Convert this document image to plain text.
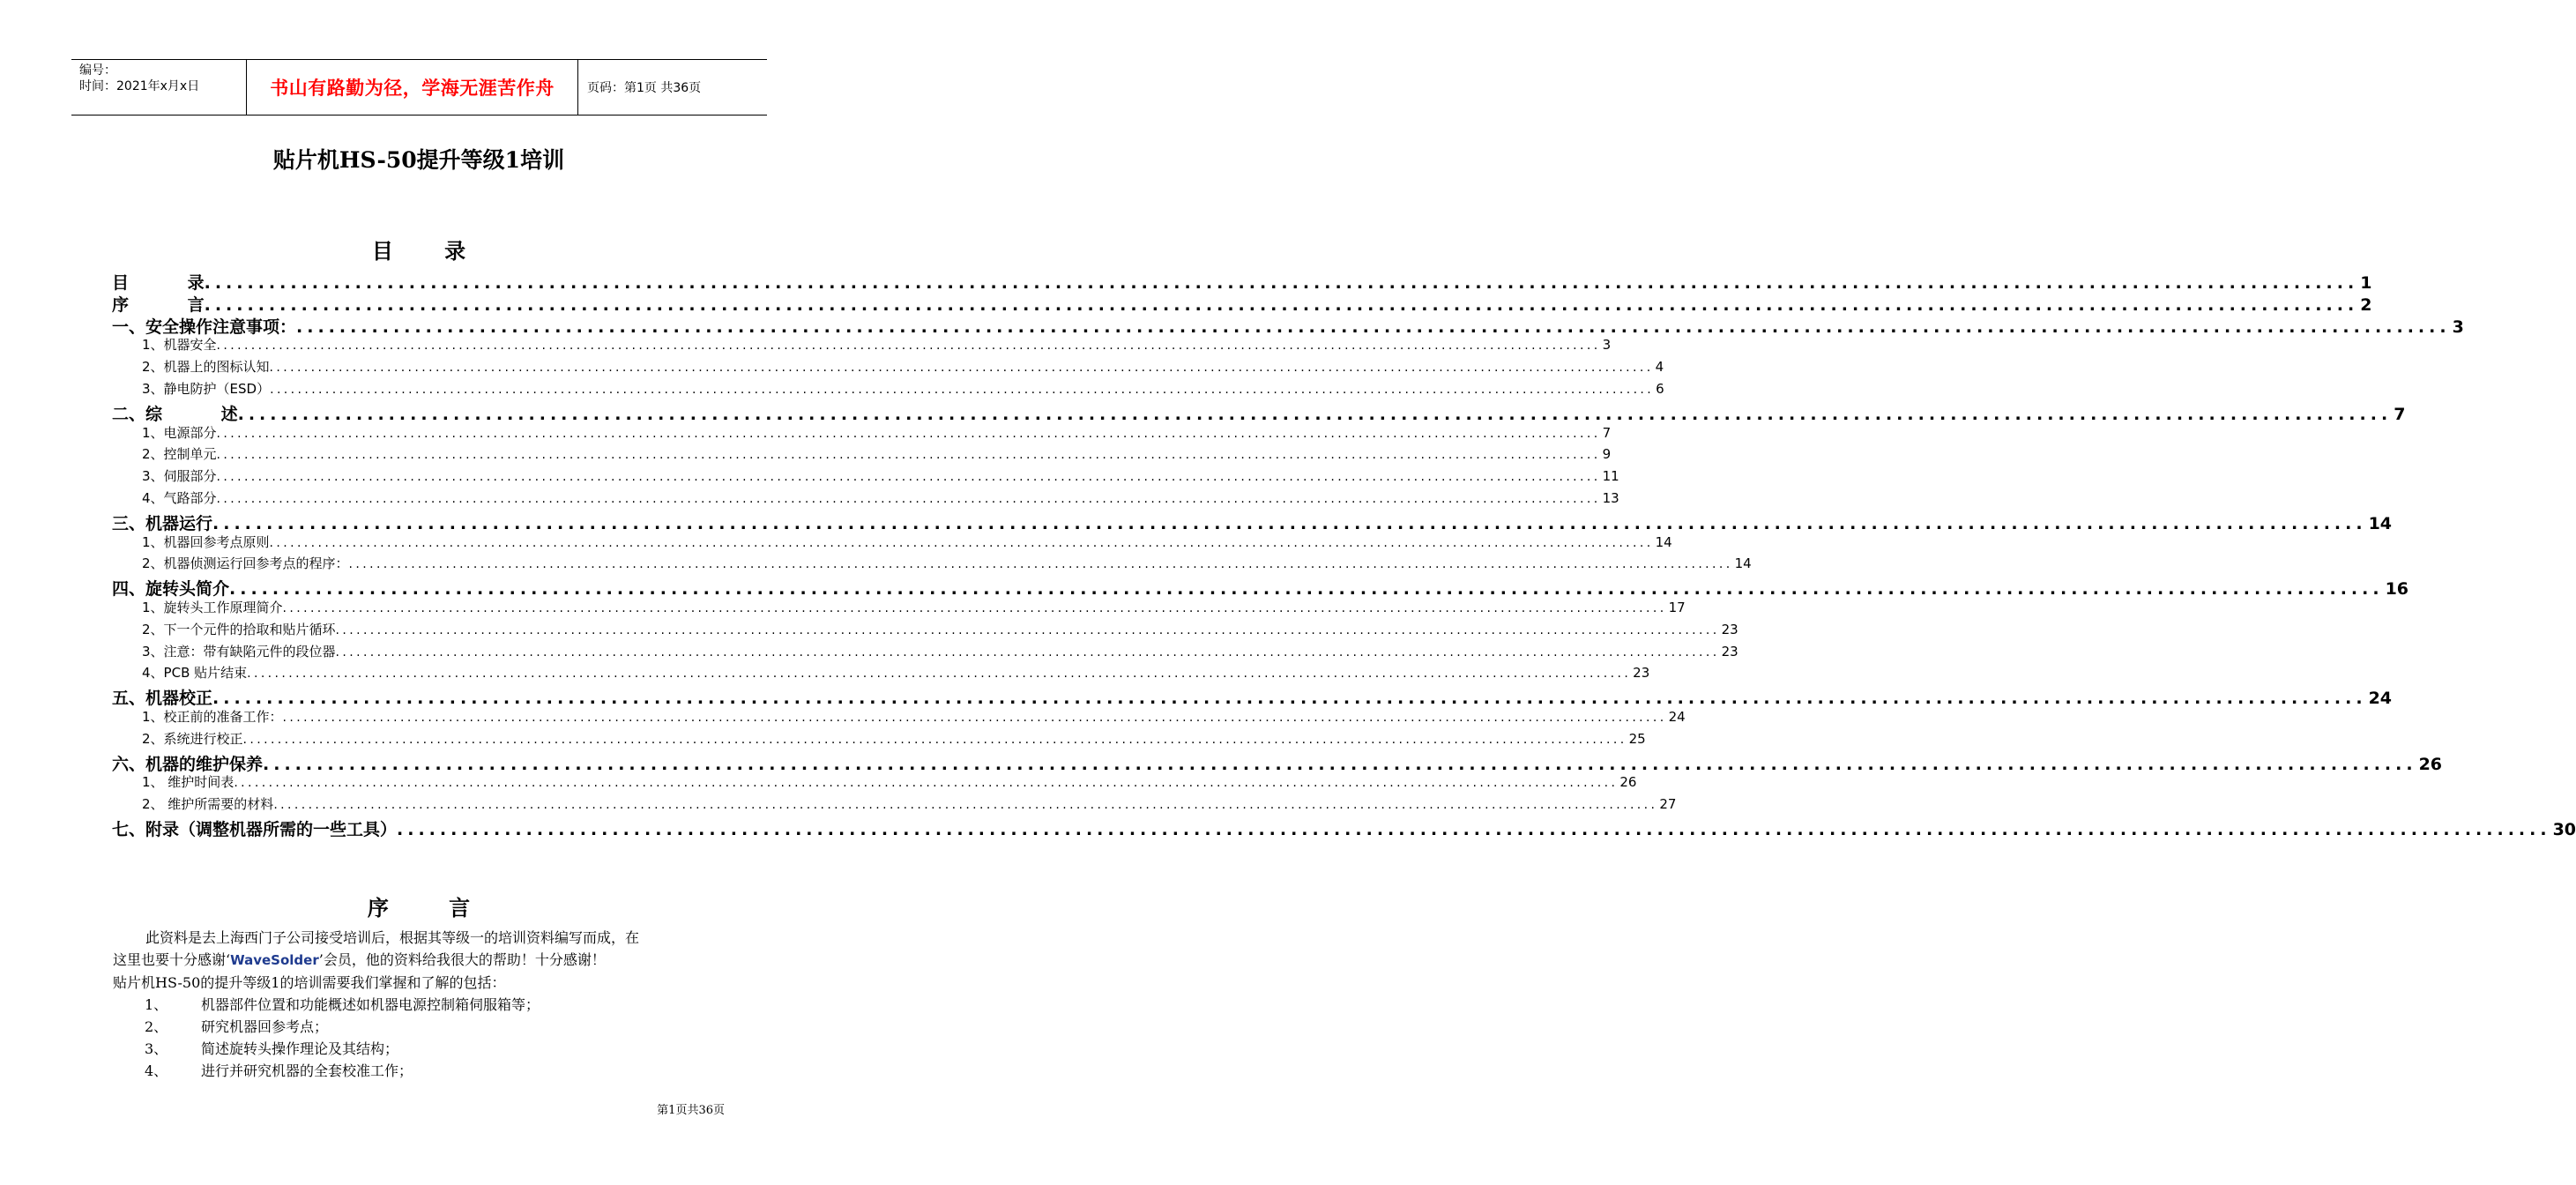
编号：
时间：2021年x月x日	书山有路勤为径，学海无涯苦作舟	页码：第1页 共36页
贴片机HS-50提升等级1培训
目 录
目 录 ........................................................................................................................................................................................................ 1
序 言 ........................................................................................................................................................................................................ 2
一、安全操作注意事项： ........................................................................................................................................................................................................ 3
1、机器安全 ........................................................................................................................................................................................................ 3
2、机器上的图标认知 ........................................................................................................................................................................................................ 4
3、静电防护（ESD） ........................................................................................................................................................................................................ 6
二、综 述 ........................................................................................................................................................................................................ 7
1、电源部分 ........................................................................................................................................................................................................ 7
2、控制单元 ........................................................................................................................................................................................................ 9
3、伺服部分 ........................................................................................................................................................................................................ 11
4、气路部分 ........................................................................................................................................................................................................ 13
三、机器运行 ........................................................................................................................................................................................................ 14
1、机器回参考点原则 ........................................................................................................................................................................................................ 14
2、机器侦测运行回参考点的程序： ........................................................................................................................................................................................................ 14
四、旋转头简介 ........................................................................................................................................................................................................ 16
1、旋转头工作原理简介 ........................................................................................................................................................................................................ 17
2、下一个元件的拾取和贴片循环 ........................................................................................................................................................................................................ 23
3、注意：带有缺陷元件的段位器 ........................................................................................................................................................................................................ 23
4、PCB 贴片结束 ........................................................................................................................................................................................................ 23
五、机器校正 ........................................................................................................................................................................................................ 24
1、校正前的准备工作： ........................................................................................................................................................................................................ 24
2、系统进行校正 ........................................................................................................................................................................................................ 25
六、机器的维护保养 ........................................................................................................................................................................................................ 26
1、 维护时间表 ........................................................................................................................................................................................................ 26
2、 维护所需要的材料 ........................................................................................................................................................................................................ 27
七、附录（调整机器所需的一些工具） ........................................................................................................................................................................................................ 30
序 言

此资料是去上海西门子公司接受培训后，根据其等级一的培训资料编写而成，在

这里也要十分感谢‘WaveSolder’会员，他的资料给我很大的帮助！十分感谢！

贴片机HS-50的提升等级1的培训需要我们掌握和了解的包括：

1、	机器部件位置和功能概述如机器电源控制箱伺服箱等；
2、	研究机器回参考点；
3、	简述旋转头操作理论及其结构；
4、	进行并研究机器的全套校准工作；
第1页共36页
